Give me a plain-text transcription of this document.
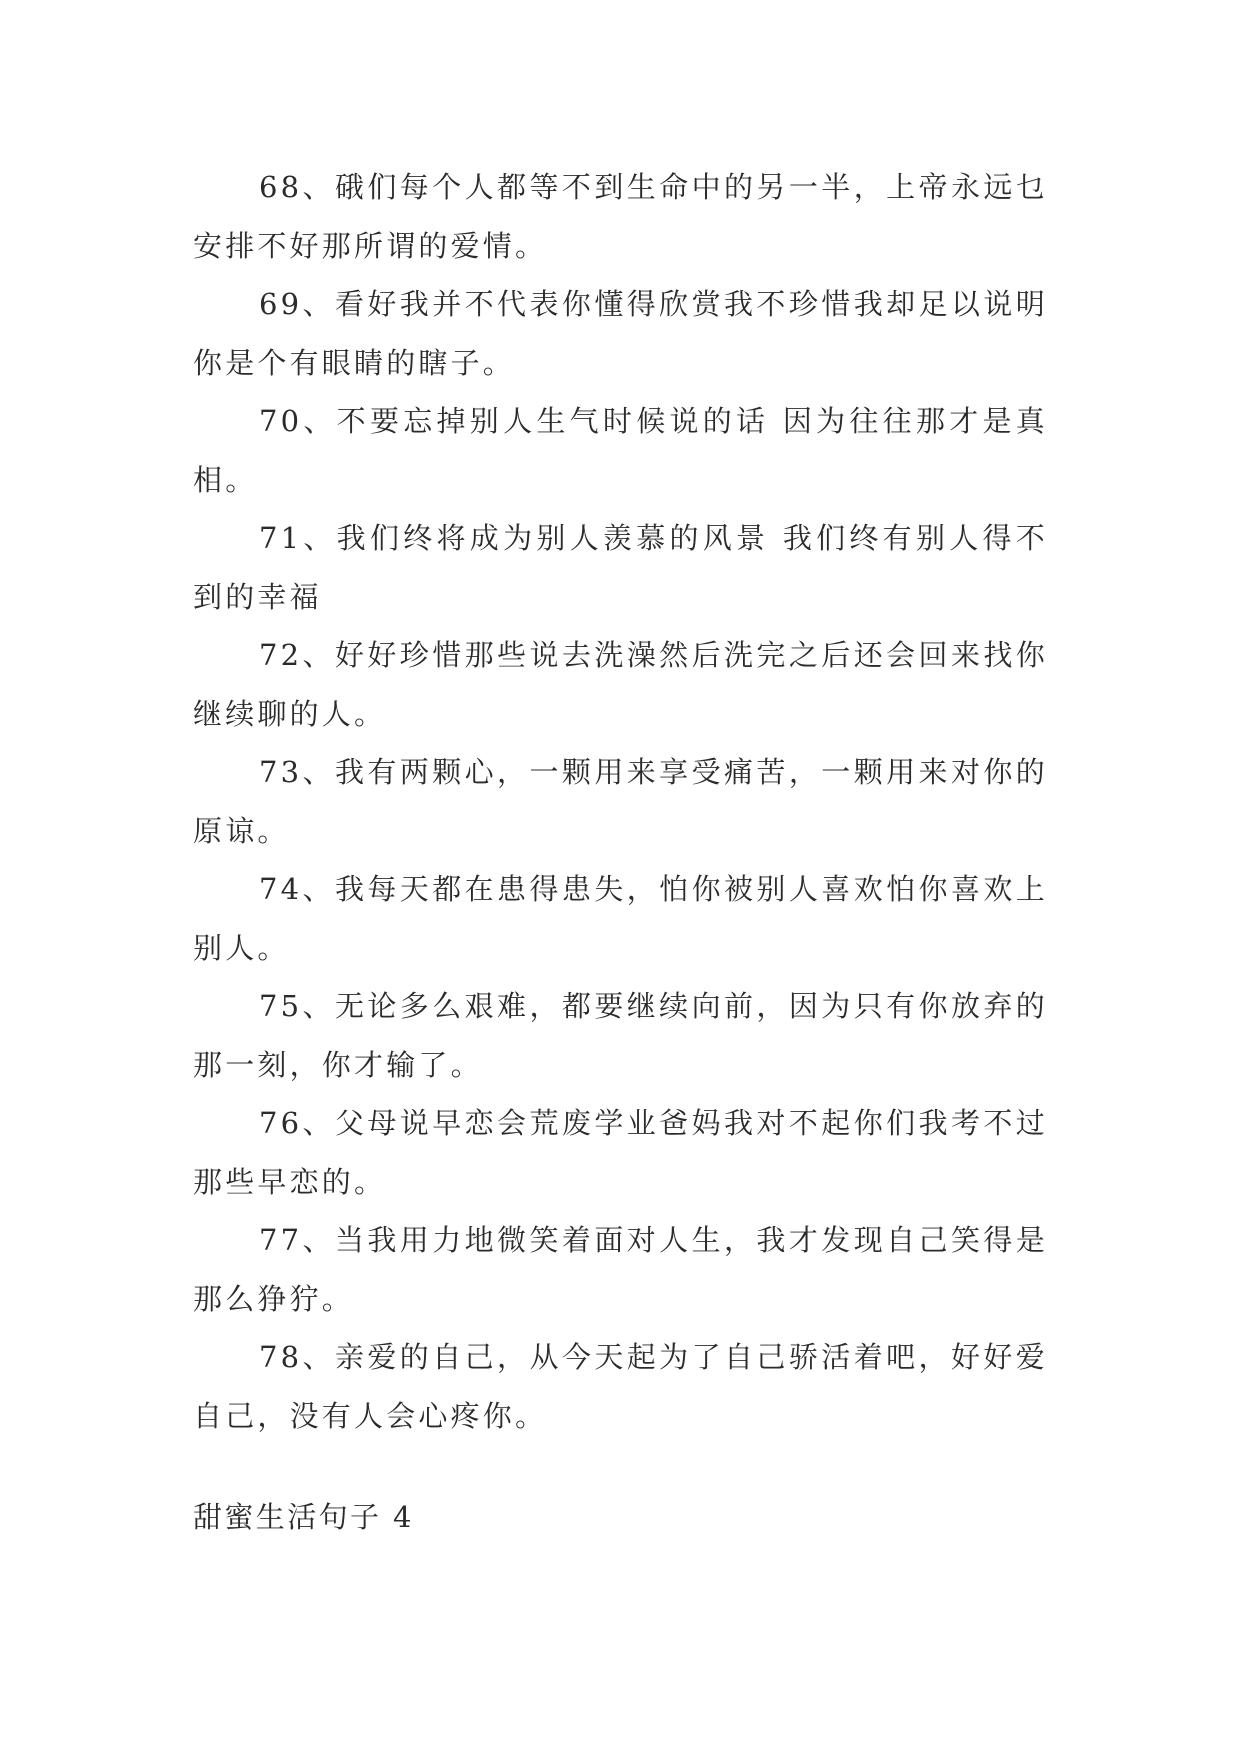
68、硪们每个人都等不到生命中的另一半，上帝永远乜安排不好那所谓的爱情。

69、看好我并不代表你懂得欣赏我不珍惜我却足以说明你是个有眼睛的瞎子。

70、不要忘掉别人生气时候说的话 因为往往那才是真相。

71、我们终将成为别人羡慕的风景 我们终有别人得不到的幸福

72、好好珍惜那些说去洗澡然后洗完之后还会回来找你继续聊的人。

73、我有两颗心，一颗用来享受痛苦，一颗用来对你的原谅。

74、我每天都在患得患失，怕你被别人喜欢怕你喜欢上别人。

75、无论多么艰难，都要继续向前，因为只有你放弃的那一刻，你才输了。

76、父母说早恋会荒废学业爸妈我对不起你们我考不过那些早恋的。

77、当我用力地微笑着面对人生，我才发现自己笑得是那么狰狞。

78、亲爱的自己，从今天起为了自己骄活着吧，好好爱自己，没有人会心疼你。

甜蜜生活句子 4
